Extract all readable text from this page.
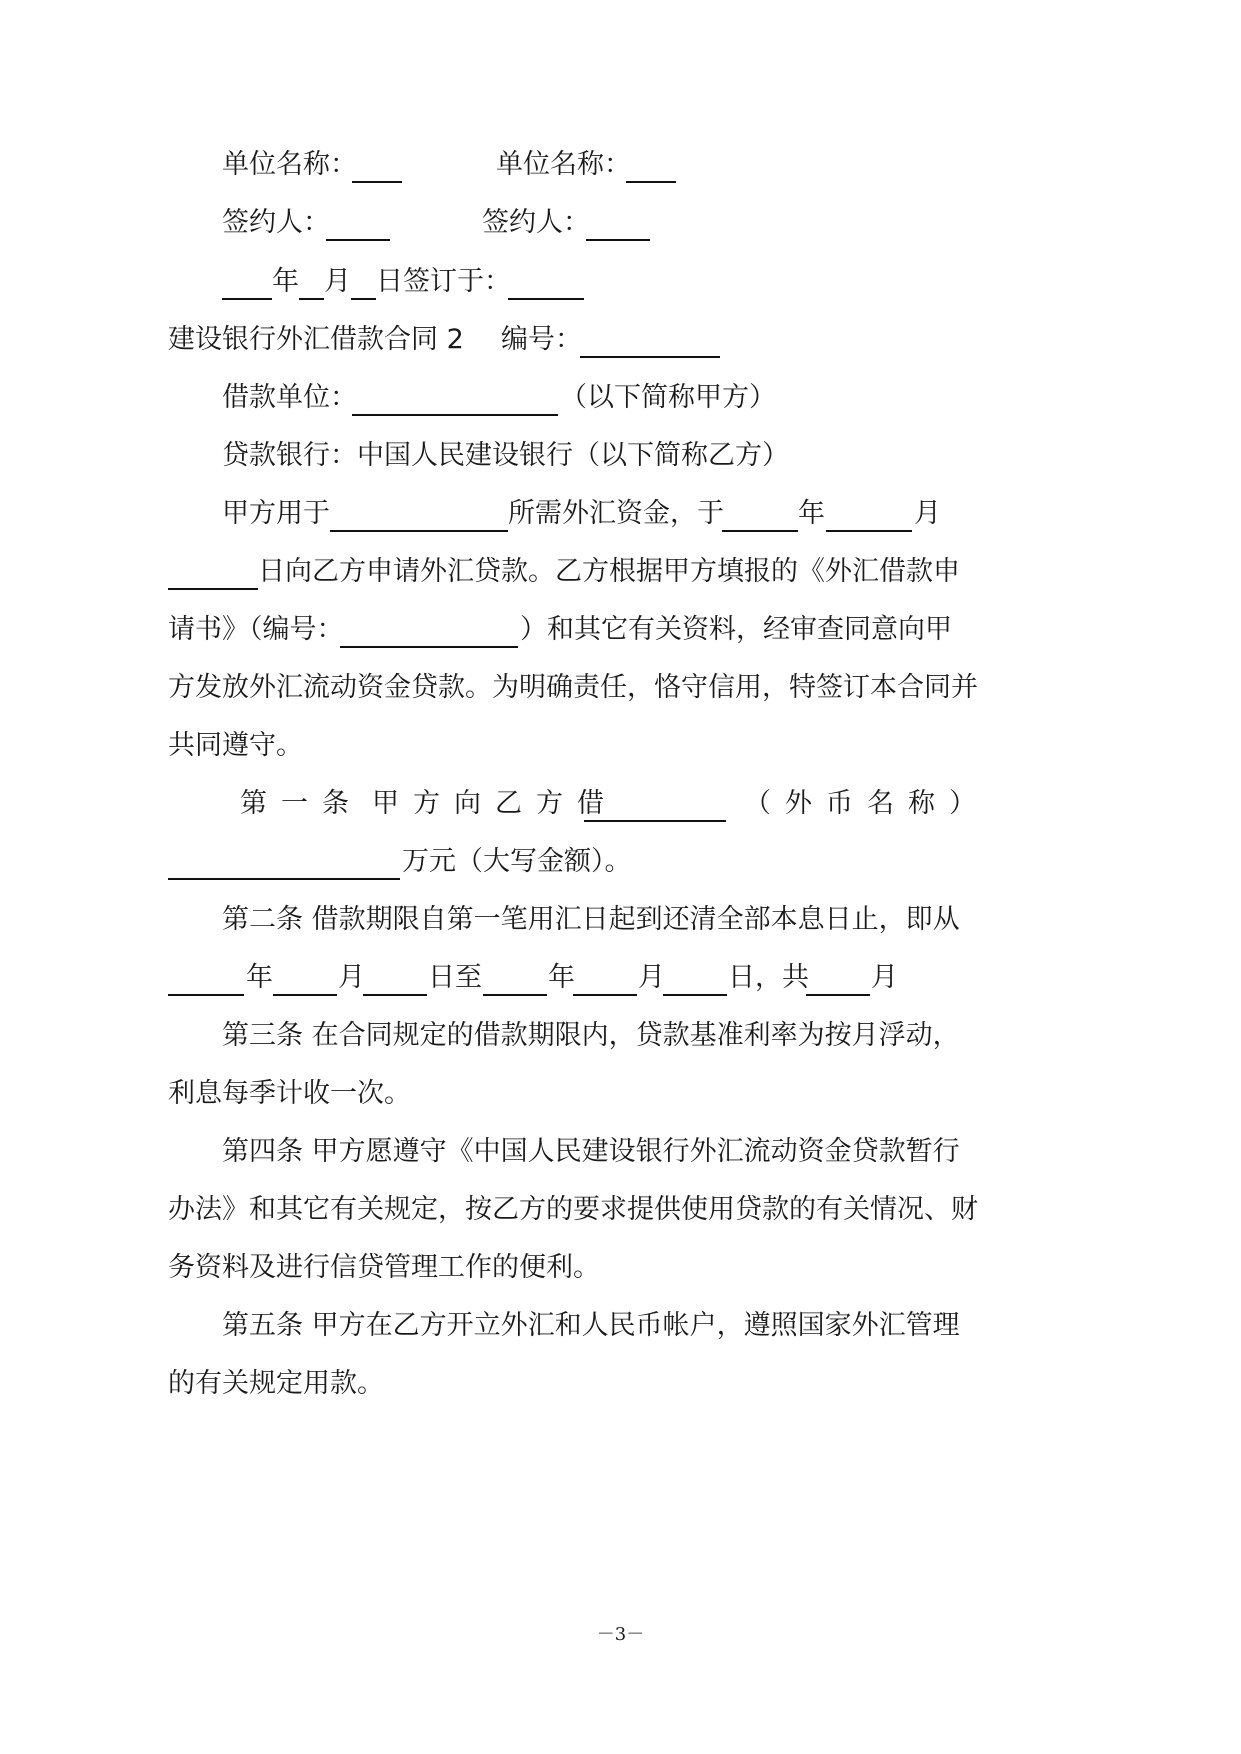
单位名称：
	单位名称：

签约人：
	签约人：

年
月
日签订于：

建设银行外汇借款合同 2 编号：

借款单位：
	（以下简称甲方）
贷款银行：中国人民建设银行（以下简称乙方）
甲方用于
	所需外汇资金，于
	年
	月

日向乙方申请外汇贷款。乙方根据甲方填报的《外汇借款申
请书》（编号：
	）和其它有关资料，经审查同意向甲
方发放外汇流动资金贷款。为明确责任，恪守信用，特签订本合同并
共同遵守。
第一条 甲方向乙方借
	（外币名称）

万元（大写金额）。
第二条 借款期限自第一笔用汇日起到还清全部本息日止，即从

年
月
日至
年
月
日，共
月
第三条 在合同规定的借款期限内，贷款基准利率为按月浮动，
利息每季计收一次。
第四条 甲方愿遵守《中国人民建设银行外汇流动资金贷款暂行
办法》和其它有关规定，按乙方的要求提供使用贷款的有关情况、财
务资料及进行信贷管理工作的便利。
第五条 甲方在乙方开立外汇和人民币帐户，遵照国家外汇管理
的有关规定用款。
－3－
